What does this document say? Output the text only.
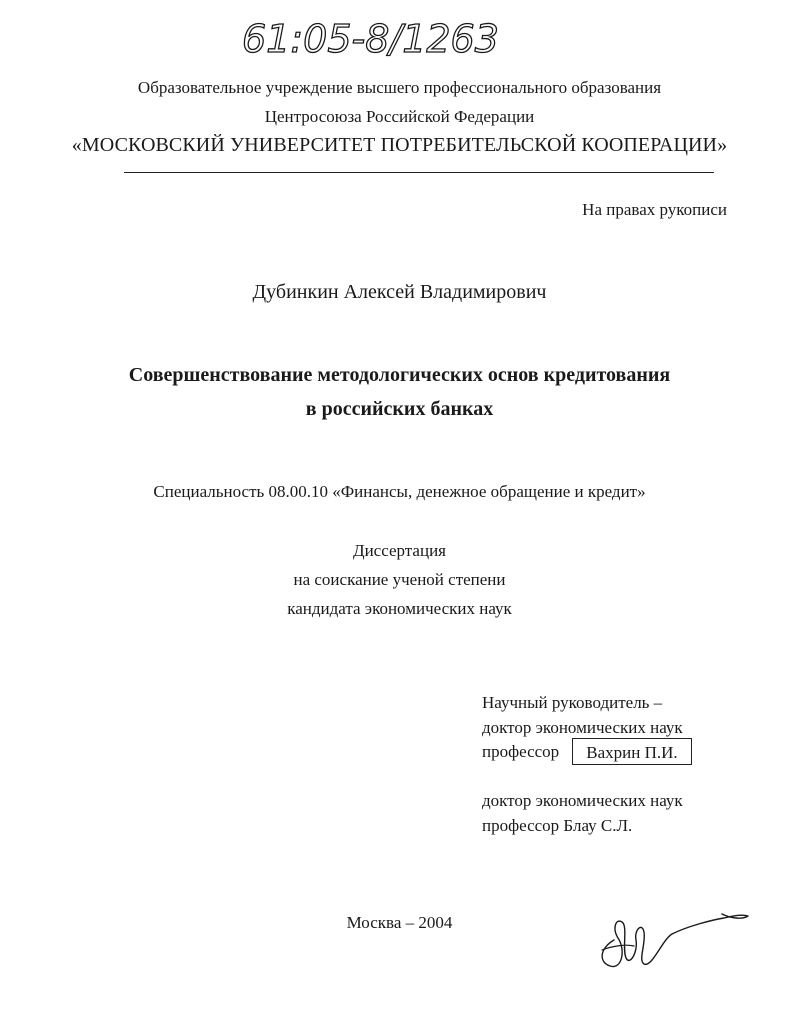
61:05-8/1263
Образовательное учреждение высшего профессионального образования
Центросоюза Российской Федерации
«МОСКОВСКИЙ УНИВЕРСИТЕТ ПОТРЕБИТЕЛЬСКОЙ КООПЕРАЦИИ»
На правах рукописи
Дубинкин Алексей Владимирович
Совершенствование методологических основ кредитования
в российских банках
Специальность 08.00.10 «Финансы, денежное обращение и кредит»
Диссертация
на соискание ученой степени
кандидата экономических наук
Научный руководитель –
доктор экономических наук
профессор	Вахрин П.И.
доктор экономических наук
профессор Блау С.Л.
Москва – 2004
